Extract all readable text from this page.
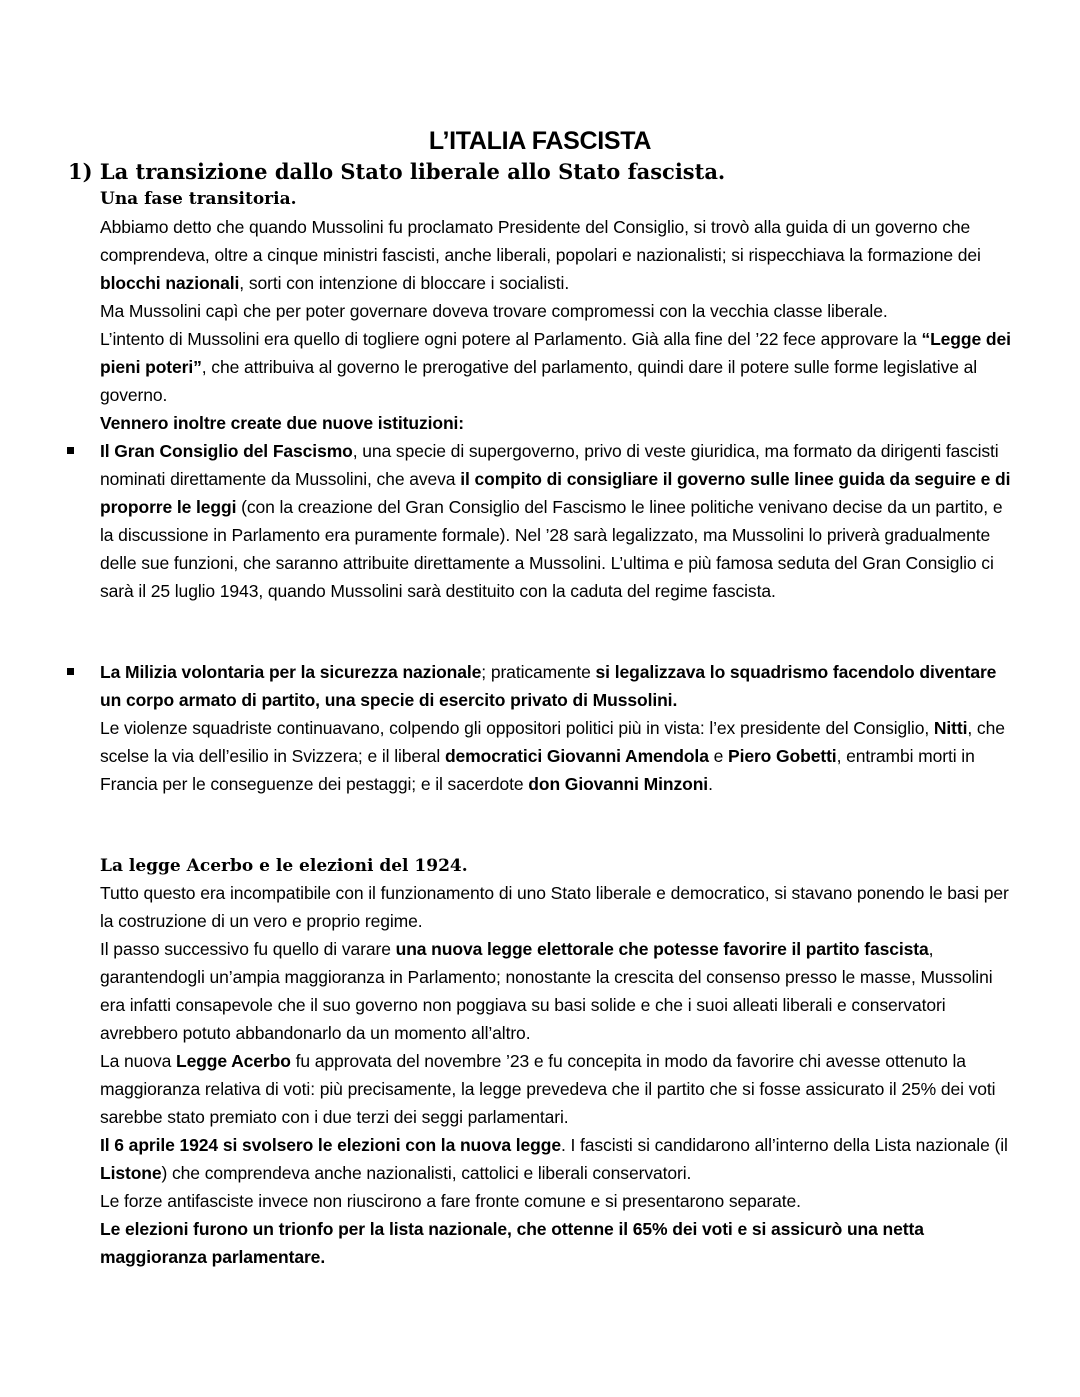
L’ITALIA FASCISTA
1) La transizione dallo Stato liberale allo Stato fascista.
Una fase transitoria.

Abbiamo detto che quando Mussolini fu proclamato Presidente del Consiglio, si trovò alla guida di un governo che comprendeva, oltre a cinque ministri fascisti, anche liberali, popolari e nazionalisti; si rispecchiava la formazione dei blocchi nazionali, sorti con intenzione di bloccare i socialisti.

Ma Mussolini capì che per poter governare doveva trovare compromessi con la vecchia classe liberale.

L’intento di Mussolini era quello di togliere ogni potere al Parlamento. Già alla fine del ’22 fece approvare la “Legge dei pieni poteri”, che attribuiva al governo le prerogative del parlamento, quindi dare il potere sulle forme legislative al governo.

Vennero inoltre create due nuove istituzioni:

Il Gran Consiglio del Fascismo, una specie di supergoverno, privo di veste giuridica, ma formato da dirigenti fascisti nominati direttamente da Mussolini, che aveva il compito di consigliare il governo sulle linee guida da seguire e di proporre le leggi (con la creazione del Gran Consiglio del Fascismo le linee politiche venivano decise da un partito, e la discussione in Parlamento era puramente formale). Nel ’28 sarà legalizzato, ma Mussolini lo priverà gradualmente delle sue funzioni, che saranno attribuite direttamente a Mussolini. L’ultima e più famosa seduta del Gran Consiglio ci sarà il 25 luglio 1943, quando Mussolini sarà destituito con la caduta del regime fascista.

La Milizia volontaria per la sicurezza nazionale; praticamente si legalizzava lo squadrismo facendolo diventare un corpo armato di partito, una specie di esercito privato di Mussolini.

Le violenze squadriste continuavano, colpendo gli oppositori politici più in vista: l’ex presidente del Consiglio, Nitti, che scelse la via dell’esilio in Svizzera; e il liberal democratici Giovanni Amendola e Piero Gobetti, entrambi morti in Francia per le conseguenze dei pestaggi; e il sacerdote don Giovanni Minzoni.

La legge Acerbo e le elezioni del 1924.

Tutto questo era incompatibile con il funzionamento di uno Stato liberale e democratico, si stavano ponendo le basi per la costruzione di un vero e proprio regime.

Il passo successivo fu quello di varare una nuova legge elettorale che potesse favorire il partito fascista, garantendogli un’ampia maggioranza in Parlamento; nonostante la crescita del consenso presso le masse, Mussolini era infatti consapevole che il suo governo non poggiava su basi solide e che i suoi alleati liberali e conservatori avrebbero potuto abbandonarlo da un momento all’altro.

La nuova Legge Acerbo fu approvata del novembre ’23 e fu concepita in modo da favorire chi avesse ottenuto la maggioranza relativa di voti: più precisamente, la legge prevedeva che il partito che si fosse assicurato il 25% dei voti sarebbe stato premiato con i due terzi dei seggi parlamentari.

Il 6 aprile 1924 si svolsero le elezioni con la nuova legge. I fascisti si candidarono all’interno della Lista nazionale (il Listone) che comprendeva anche nazionalisti, cattolici e liberali conservatori.

Le forze antifasciste invece non riuscirono a fare fronte comune e si presentarono separate.

Le elezioni furono un trionfo per la lista nazionale, che ottenne il 65% dei voti e si assicurò una netta maggioranza parlamentare.
